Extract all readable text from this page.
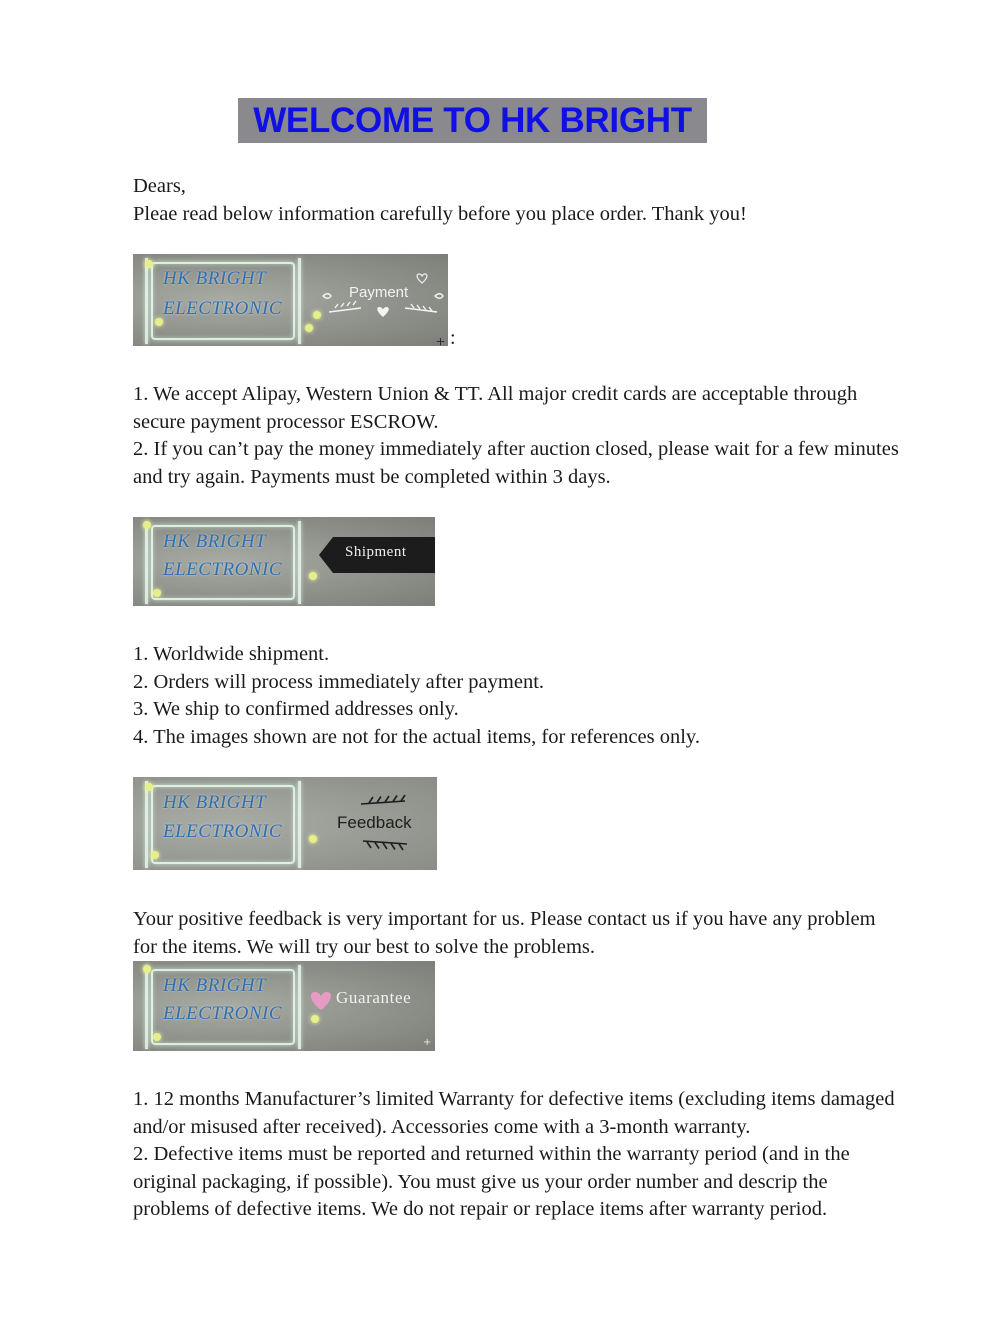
WELCOME TO HK BRIGHT

Dears,

Pleae read below information carefully before you place order. Thank you!

HK BRIGHT
ELECTRONIC
Payment
:
+

1. We accept Alipay, Western Union & TT. All major credit cards are acceptable through

secure payment processor ESCROW.

2. If you can’t pay the money immediately after auction closed, please wait for a few minutes

and try again. Payments must be completed within 3 days.

HK BRIGHT
ELECTRONIC
Shipment

1. Worldwide shipment.

2. Orders will process immediately after payment.

3. We ship to confirmed addresses only.

4. The images shown are not for the actual items, for references only.

HK BRIGHT
ELECTRONIC	Feedback

Your positive feedback is very important for us. Please contact us if you have any problem

for the items. We will try our best to solve the problems.

HK BRIGHT
ELECTRONIC
Guarantee
+

1. 12 months Manufacturer’s limited Warranty for defective items (excluding items damaged

and/or misused after received). Accessories come with a 3-month warranty.

2. Defective items must be reported and returned within the warranty period (and in the

original packaging, if possible). You must give us your order number and descrip the

problems of defective items. We do not repair or replace items after warranty period.
